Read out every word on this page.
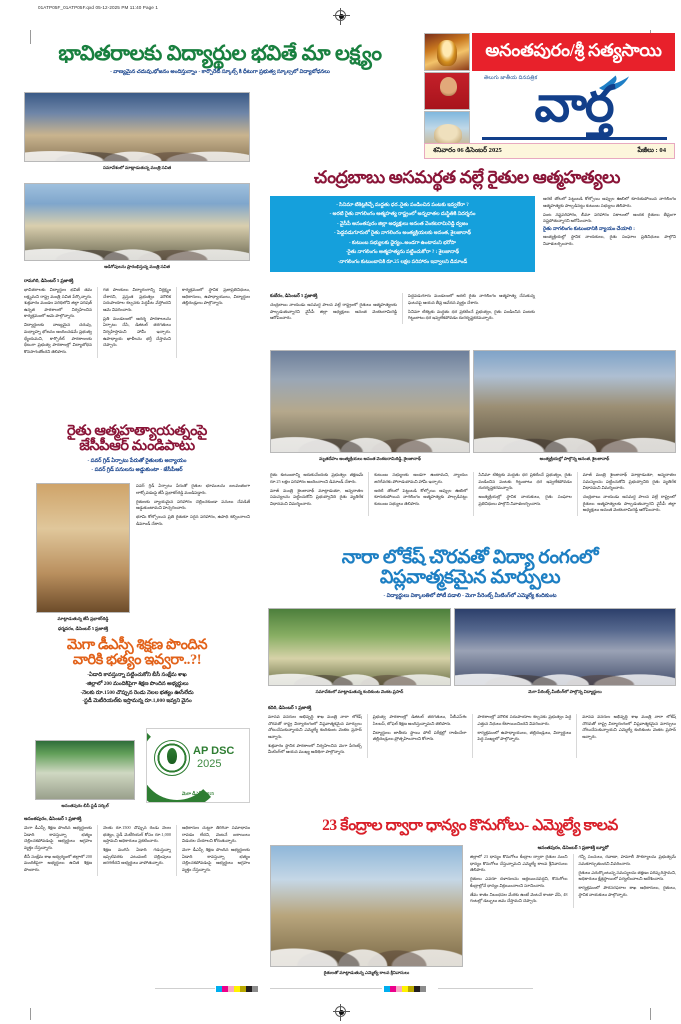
01ATP05F_01ATP05F.qxd 05-12-2025 PM 11:40 Page 1
అనంతపురం/శ్రీ సత్యసాయి
తెలుగు జాతీయ దినపత్రిక
వార్త
శనివారం 06 డిసెంబర్ 2025	పేజీలు : 04
భావితరాలకు విద్యార్థుల భవితే మా లక్ష్యం
- వాణ్యమైన చదువు,భోజనం అందిస్తున్నాం - కార్పొరేట్ స్కూల్స్ కి ధీటుగా ప్రభుత్వ స్కూల్సలో విద్యాబోధనలు
సమావేశంలో మాట్లాడుతున్న మంత్రి సవిత
అడిగోపులను ప్రారంభిస్తున్న మంత్రి సవిత
రామగిరి, డిసెంబర్ 5 ప్రజాశక్తి

భావితరాలకు విద్యార్థుల భవితే తమ లక్ష్యమని రాష్ట్ర మంత్రి సవిత పేర్కొన్నారు. శుక్రవారం మండల పరిధిలోని జిల్లా పరిషత్ ఉన్నత పాఠశాలలో నిర్వహించిన కార్యక్రమంలో ఆమె పాల్గొన్నారు.

విద్యార్థులకు నాణ్యమైన చదువు, మధ్యాహ్న భోజనం అందించడమే ప్రభుత్వ ధ్యేయమని, కార్పొరేట్ పాఠశాలలకు ధీటుగా ప్రభుత్వ పాఠశాలల్లో విద్యాబోధన కొనసాగుతోందని తెలిపారు.

గత పాలకులు విద్యారంగాన్ని నిర్లక్ష్యం చేశారని, ప్రస్తుత ప్రభుత్వం మౌలిక సదుపాయాల కల్పనకు పెద్దపీట వేస్తోందని ఆమె వివరించారు.

ప్రతి మండలంలో ఆదర్శ పాఠశాలలను ఏర్పాటు చేసి, డిజిటల్ తరగతులు నిర్వహిస్తామని హామీ ఇచ్చారు. ఉపాధ్యాయ ఖాళీలను భర్తీ చేస్తామని చెప్పారు.

కార్యక్రమంలో స్థానిక ప్రజాప్రతినిధులు, అధికారులు, ఉపాధ్యాయులు, విద్యార్థుల తల్లిదండ్రులు పాల్గొన్నారు.

చంద్రబాబు అసమర్థత వల్లే రైతుల ఆత్మహత్యలు
- సినిమా టికెట్లకిచ్చే మద్దతు ధర..రైతు పండించిన పంటకు ఇవ్వలేరా ?
- అరటి రైతు నాగలింగం ఆత్మహత్య రాష్ట్రంలో అన్నదాతల దుస్థితికి నిదర్శనం
- వైసీపీ అనంతపురం జిల్లా అధ్యక్షులు అనంత వెంకటరామిరెడ్డి ద్వజం
- పెద్దవడుగూరులో రైతు నాగలింగం అంత్యక్రియలకు అనంత, శైలజానాథ్
- కుటుంబ సభ్యులకు ధైర్యం..అండగా ఉంటామని భరోసా
-రైతు నాగలింగం ఆత్మహత్యను పట్టించుకోరా ? : శైలజానాథ్
-నాగలింగం కుటుంబానికి రూ.25 లక్షల పరిహారం ఇవ్వాలని డిమాండ్

అరటి తోటలో పెట్టుబడి కోల్పోయి అప్పుల ఊబిలో కూరుకుపోయిన నాగలింగం ఆత్మహత్యకు పాల్పడినట్టు కుటుంబ సభ్యులు తెలిపారు.

పంట నష్టపరిహారం, బీమా పరిహారం సకాలంలో అందక రైతులు తీవ్రంగా నష్టపోతున్నారని ఆరోపించారు.

రైతు నాగలింగం కుటుంబానికి న్యాయం చేయాలి :

అంత్యక్రియల్లో స్థానిక నాయకులు, రైతు సంఘాల ప్రతినిధులు పాల్గొని నివాళులర్పించారు.

కుబేరం, డిసెంబర్ 5 ప్రజాశక్తి

చంద్రబాబు నాయుడు అసమర్థ పాలన వల్లే రాష్ట్రంలో రైతులు ఆత్మహత్యలకు పాల్పడుతున్నారని వైసీపీ జిల్లా అధ్యక్షులు అనంత వెంకటరామిరెడ్డి ఆరోపించారు.

పెద్దవడుగూరు మండలంలో అరటి రైతు నాగలింగం ఆత్మహత్య చేసుకున్న ఘటనపై ఆయన తీవ్ర ఆవేదన వ్యక్తం చేశారు.

సినిమా టికెట్లకు మద్దతు ధర ప్రకటించే ప్రభుత్వం, రైతు పండించిన పంటకు గిట్టుబాటు ధర ఇవ్వలేకపోవడం దురదృష్టకరమన్నారు.

మృతదేహం అంత్యక్రియలు అనంత వెంకటరామిరెడ్డి, శైలజానాథ్	అంత్యక్రియల్లో పాల్గొన్న అనంత, శైలజానాథ్

రైతు కుటుంబాన్ని ఆదుకునేందుకు ప్రభుత్వం తక్షణమే రూ.25 లక్షల పరిహారం అందించాలని డిమాండ్ చేశారు.

మాజీ మంత్రి శైలజానాథ్ మాట్లాడుతూ, అన్నదాతల సమస్యలను పట్టించుకోని ప్రభుత్వానిది రైతు వ్యతిరేక విధానమని విమర్శించారు.

కుటుంబ సభ్యులకు అండగా ఉంటామని, న్యాయం జరిగేవరకు పోరాడుతామని హామీ ఇచ్చారు.

అరటి తోటలో పెట్టుబడి కోల్పోయి అప్పుల ఊబిలో కూరుకుపోయిన నాగలింగం ఆత్మహత్యకు పాల్పడినట్టు కుటుంబ సభ్యులు తెలిపారు.

సినిమా టికెట్లకు మద్దతు ధర ప్రకటించే ప్రభుత్వం, రైతు పండించిన పంటకు గిట్టుబాటు ధర ఇవ్వలేకపోవడం దురదృష్టకరమన్నారు.

అంత్యక్రియల్లో స్థానిక నాయకులు, రైతు సంఘాల ప్రతినిధులు పాల్గొని నివాళులర్పించారు.

మాజీ మంత్రి శైలజానాథ్ మాట్లాడుతూ, అన్నదాతల సమస్యలను పట్టించుకోని ప్రభుత్వానిది రైతు వ్యతిరేక విధానమని విమర్శించారు.

చంద్రబాబు నాయుడు అసమర్థ పాలన వల్లే రాష్ట్రంలో రైతులు ఆత్మహత్యలకు పాల్పడుతున్నారని వైసీపీ జిల్లా అధ్యక్షులు అనంత వెంకటరామిరెడ్డి ఆరోపించారు.

రైతు ఆత్మహత్యాయత్నంపై
జేసీపీఆర్ మండిపాటు
- పవర్ గ్రిడ్ ఏర్పాటు పేరుతో రైతులకు అన్యాయం
- పవర్ గ్రిడ్ పనులను అడ్డుకుంటా - జేసీపీఆర్
మాట్లాడుతున్న జేసీ ప్రభాకర్‌రెడ్డి

పవర్ గ్రిడ్ ఏర్పాటు పేరుతో రైతుల భూములను బలవంతంగా లాక్కోవడంపై జేసీ ప్రభాకర్‌రెడ్డి మండిపడ్డారు.

రైతులకు న్యాయమైన పరిహారం చెల్లించకుండా పనులు చేపడితే అడ్డుకుంటామని హెచ్చరించారు.

భూమి కోల్పోయిన ప్రతి రైతుకూ సరైన పరిహారం, ఉపాధి కల్పించాలని డిమాండ్ చేశారు.

ధర్మవరం, డిసెంబర్ 5 ప్రజాశక్తి
మెగా డీఎస్సీ శిక్షణ పొందిన
వారికి భత్యం ఇవ్వరా..?!
-ఏడాది కావస్తున్నా పట్టించుకోని బీసీ సంక్షేమ శాఖ
-జిల్లాలో 200 మందికిపైగా శిక్షణ పొందిన అభ్యర్థులు
-నెలకు రూ.1500 చొప్పున రెండు నెలల భత్యం ఊసేలేదు
-స్టడీ మెటీరియల్‌కు ఇస్తామన్న రూ.1,000 ఇవ్వని వైనం
అనంతపురం బీసీ స్టడీ సర్కిల్
AP DSC
2025
మెగా డీఎస్సీ 2025
అనంతపురం, డిసెంబర్ 5 ప్రజాశక్తి

మెగా డీఎస్సీ శిక్షణ పొందిన అభ్యర్థులకు ఏడాది కావస్తున్నా భత్యం చెల్లించకపోవడంపై అభ్యర్థులు ఆగ్రహం వ్యక్తం చేస్తున్నారు.

బీసీ సంక్షేమ శాఖ ఆధ్వర్యంలో జిల్లాలో 200 మందికిపైగా అభ్యర్థులు ఉచిత శిక్షణ పొందారు.

నెలకు రూ.1500 చొప్పున రెండు నెలల భత్యం, స్టడీ మెటీరియల్ కోసం రూ.1,000 ఇస్తామని అధికారులు ప్రకటించారు.

శిక్షణ ముగిసి ఏడాది గడుస్తున్నా ఇప్పటివరకు ఎటువంటి చెల్లింపులు జరగలేదని అభ్యర్థులు వాపోతున్నారు.

అధికారుల చుట్టూ తిరిగినా సమాధానం రావడం లేదని, వెంటనే బకాయిలు విడుదల చేయాలని కోరుతున్నారు.

మెగా డీఎస్సీ శిక్షణ పొందిన అభ్యర్థులకు ఏడాది కావస్తున్నా భత్యం చెల్లించకపోవడంపై అభ్యర్థులు ఆగ్రహం వ్యక్తం చేస్తున్నారు.

నారా లోకేష్ చొరవతో విద్యా రంగంలో
విప్లవాత్మకమైన మార్పులు
- విద్యార్థులు విక్కాలతిలో పోటీ పడాలి - మెగా పేరెంట్స్ మీటింగ్‌లో ఎమ్మెల్యే కందికుంట
సమావేశంలో మాట్లాడుతున్న కందికుంట వెంకట ప్రసాద్	మెగా పేరెంట్స్ మీటింగ్‌లో పాల్గొన్న విద్యార్థులు
కదిరి, డిసెంబర్ 5 ప్రజాశక్తి

మానవ వనరుల అభివృద్ధి శాఖ మంత్రి నారా లోకేష్ చొరవతో రాష్ట్ర విద్యారంగంలో విప్లవాత్మకమైన మార్పులు చోటుచేసుకున్నాయని ఎమ్మెల్యే కందికుంట వెంకట ప్రసాద్ అన్నారు.

శుక్రవారం స్థానిక పాఠశాలలో నిర్వహించిన మెగా పేరెంట్స్ మీటింగ్‌లో ఆయన ముఖ్య అతిథిగా పాల్గొన్నారు.

ప్రభుత్వ పాఠశాలల్లో డిజిటల్ తరగతులు, సీబీఎస్‌ఈ సిలబస్, టోఫెల్ శిక్షణ అందిస్తున్నామని తెలిపారు.

విద్యార్థులు జాతీయ స్థాయి పోటీ పరీక్షల్లో రాణించేలా తల్లిదండ్రులు ప్రోత్సహించాలని కోరారు.

పాఠశాలల్లో మౌలిక సదుపాయాల కల్పనకు ప్రభుత్వం పెద్ద ఎత్తున నిధులు కేటాయించిందని వివరించారు.

కార్యక్రమంలో ఉపాధ్యాయులు, తల్లిదండ్రులు, విద్యార్థులు పెద్ద సంఖ్యలో పాల్గొన్నారు.

మానవ వనరుల అభివృద్ధి శాఖ మంత్రి నారా లోకేష్ చొరవతో రాష్ట్ర విద్యారంగంలో విప్లవాత్మకమైన మార్పులు చోటుచేసుకున్నాయని ఎమ్మెల్యే కందికుంట వెంకట ప్రసాద్ అన్నారు.

23 కేంద్రాల ద్వారా ధాన్యం కొనుగోలు- ఎమ్మెల్యే కాలవ
రైతులతో మాట్లాడుతున్న ఎమ్మెల్యే కాలవ శ్రీనివాసులు
అనంతపురం, డిసెంబర్ 5 ప్రజాశక్తి బ్యూరో

జిల్లాలో 23 ధాన్యం కొనుగోలు కేంద్రాల ద్వారా రైతుల నుంచి ధాన్యం కొనుగోలు చేస్తున్నామని ఎమ్మెల్యే కాలవ శ్రీనివాసులు తెలిపారు.

రైతులు ఎవరూ దళారులను ఆశ్రయించవద్దని, కొనుగోలు కేంద్రాల్లోనే ధాన్యం విక్రయించాలని సూచించారు.

తేమ శాతం నిబంధనల మేరకు ఉంటే వెంటనే కాంటా వేసి, 48 గంటల్లో డబ్బులు జమ చేస్తామని చెప్పారు.

గన్నీ సంచులు, రవాణా, హమాలీ సౌకర్యాలను ప్రభుత్వమే సమకూర్చుతుందని వివరించారు.

రైతులు ఎదుర్కొంటున్న సమస్యలను తక్షణం పరిష్కరిస్తామని, అధికారులు క్షేత్రస్థాయిలో పర్యటించాలని ఆదేశించారు.

కార్యక్రమంలో పౌరసరఫరాల శాఖ అధికారులు, రైతులు, స్థానిక నాయకులు పాల్గొన్నారు.
